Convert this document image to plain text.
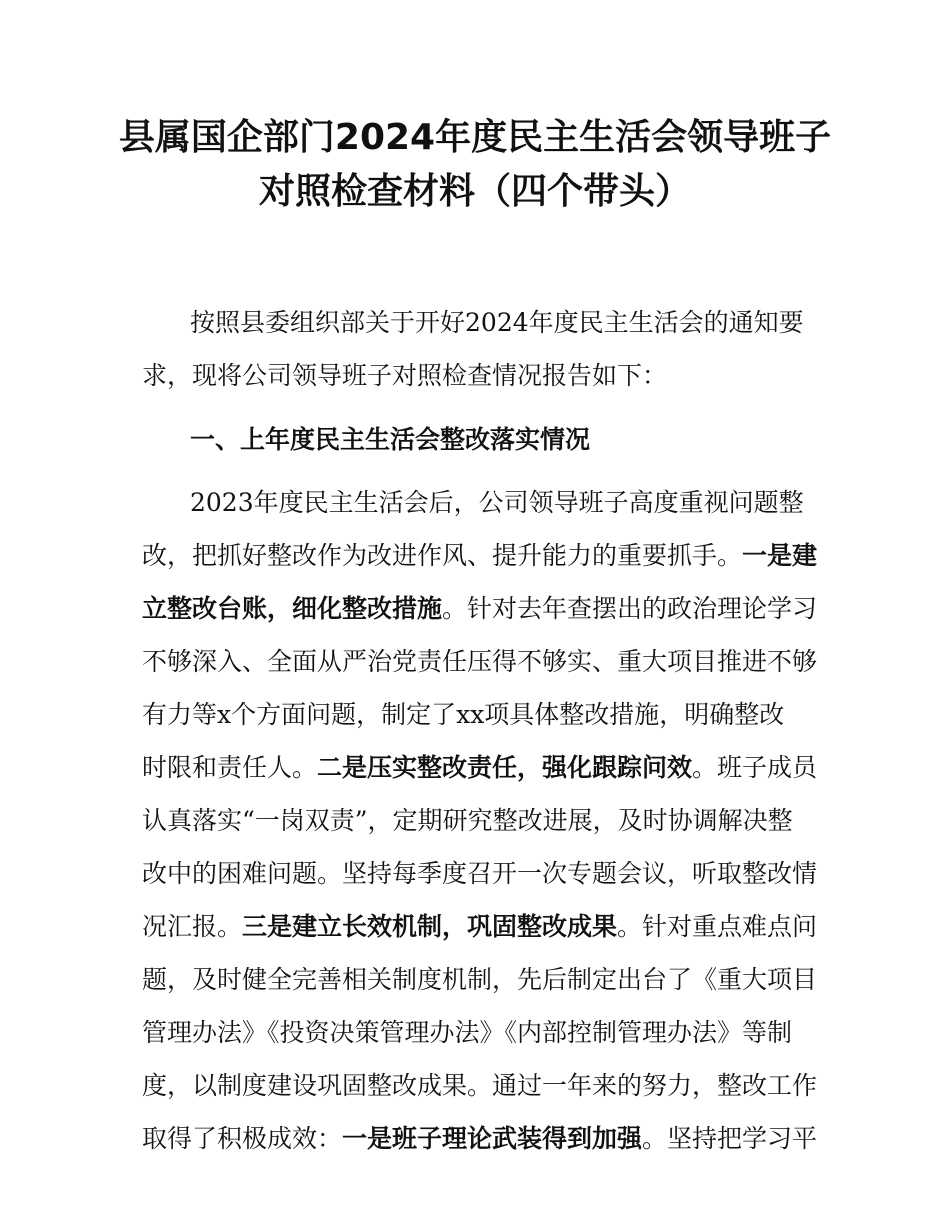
县属国企部门2024年度民主生活会领导班子
对照检查材料（四个带头）
按照县委组织部关于开好2024年度民主生活会的通知要
求，现将公司领导班子对照检查情况报告如下：
一、上年度民主生活会整改落实情况
2023年度民主生活会后，公司领导班子高度重视问题整
改，把抓好整改作为改进作风、提升能力的重要抓手。一是建
立整改台账，细化整改措施。针对去年查摆出的政治理论学习
不够深入、全面从严治党责任压得不够实、重大项目推进不够
有力等x个方面问题，制定了xx项具体整改措施，明确整改
时限和责任人。二是压实整改责任，强化跟踪问效。班子成员
认真落实“一岗双责”，定期研究整改进展，及时协调解决整
改中的困难问题。坚持每季度召开一次专题会议，听取整改情
况汇报。三是建立长效机制，巩固整改成果。针对重点难点问
题，及时健全完善相关制度机制，先后制定出台了《重大项目
管理办法》《投资决策管理办法》《内部控制管理办法》等制
度，以制度建设巩固整改成果。通过一年来的努力，整改工作
取得了积极成效：一是班子理论武装得到加强。坚持把学习平
